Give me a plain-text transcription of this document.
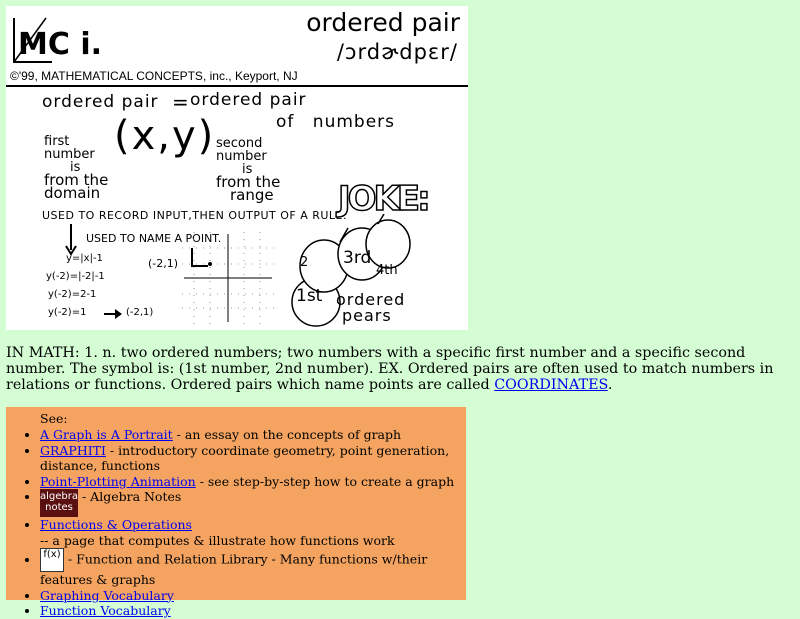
MC i.
ordered pair
/ɔrdɚdpɛr/
©'99, MATHEMATICAL CONCEPTS, inc., Keyport, NJ
ordered pair = ordered pair
of numbers
first
number
is
from the
domain
(x,y) second
number
is
from the
range
USED TO RECORD INPUT,THEN OUTPUT OF A RULE.
USED TO NAME A POINT.
(-2,1)
y=|x|-1
y(-2)=|-2|-1
y(-2)=2-1
y(-2)=1	(-2,1)
JOKE:
1st
2 3rd
4th
ordered
pears
IN MATH: 1. n. two ordered numbers; two numbers with a specific first number and a specific second number. The symbol is: (1st number, 2nd number). EX. Ordered pairs are often used to match numbers in relations or functions. Ordered pairs which name points are called COORDINATES.
See:
• A Graph is A Portrait - an essay on the concepts of graph
• GRAPHITI - introductory coordinate geometry, point generation, distance, functions
• Point-Plotting Animation - see step-by-step how to create a graph
• algebra notes - Algebra Notes
• Functions & Operations
-- a page that computes & illustrate how functions work
• f(x) - Function and Relation Library - Many functions w/their features & graphs
• Graphing Vocabulary
• Function Vocabulary
